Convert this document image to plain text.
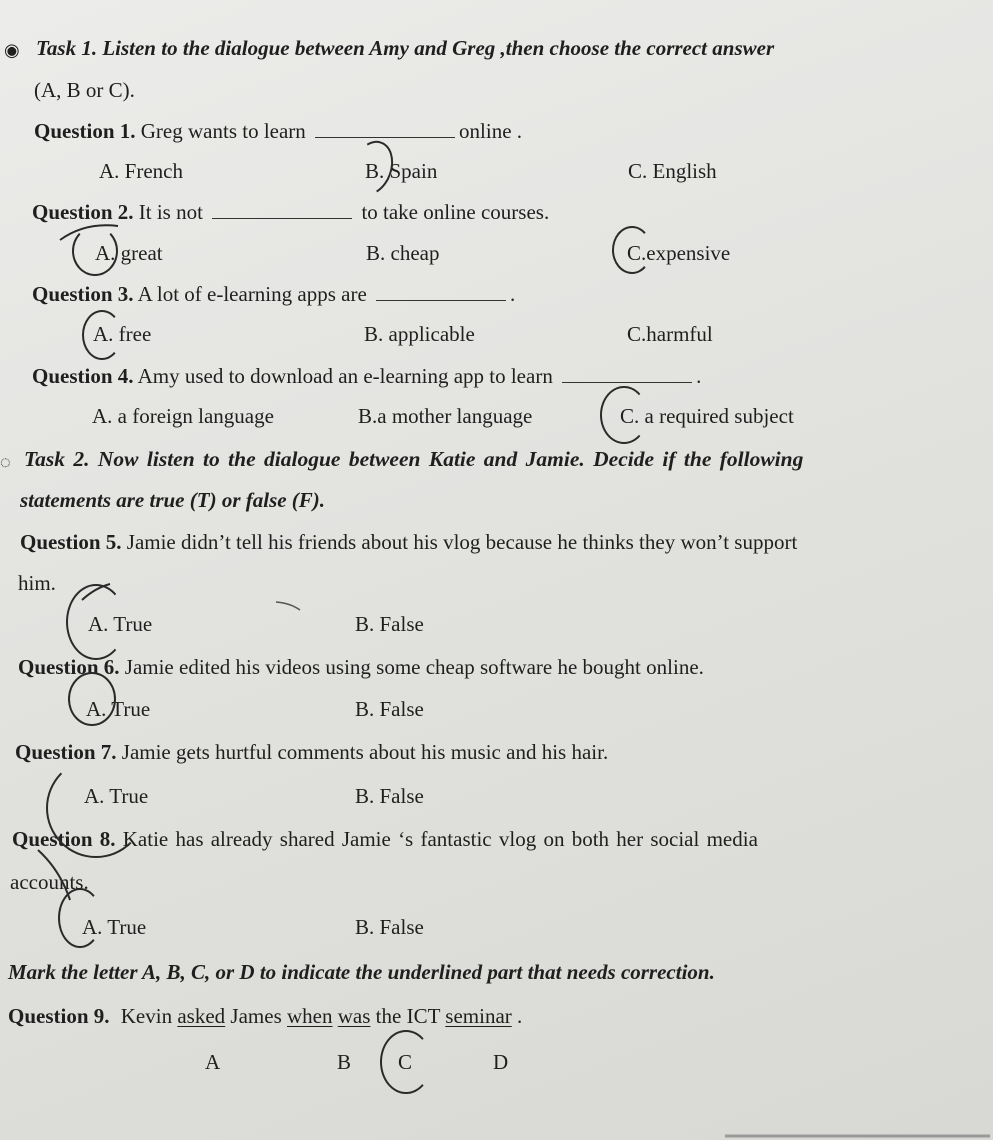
◉ Task 1. Listen to the dialogue between Amy and Greg ,then choose the correct answer
(A, B or C).
Question 1. Greg wants to learn	online .
A. French	B. Spain	C. English
Question 2. It is not	to take online courses.
A. great	B. cheap	C.expensive
Question 3. A lot of e-learning apps are	.
A. free	B. applicable	C.harmful
Question 4. Amy used to download an e-learning app to learn	.
A. a foreign language	B.a mother language	C. a required subject
◌ Task 2. Now listen to the dialogue between Katie and Jamie. Decide if the following
statements are true (T) or false (F).
Question 5. Jamie didn’t tell his friends about his vlog because he thinks they won’t support
him.
A. True	B. False
Question 6. Jamie edited his videos using some cheap software he bought online.
A. True	B. False
Question 7. Jamie gets hurtful comments about his music and his hair.
A. True	B. False
Question 8. Katie has already shared Jamie ‘s fantastic vlog on both her social media
accounts.
A. True	B. False
Mark the letter A, B, C, or D to indicate the underlined part that needs correction.
Question 9. Kevin asked James when was the ICT seminar .
A	B C	D
